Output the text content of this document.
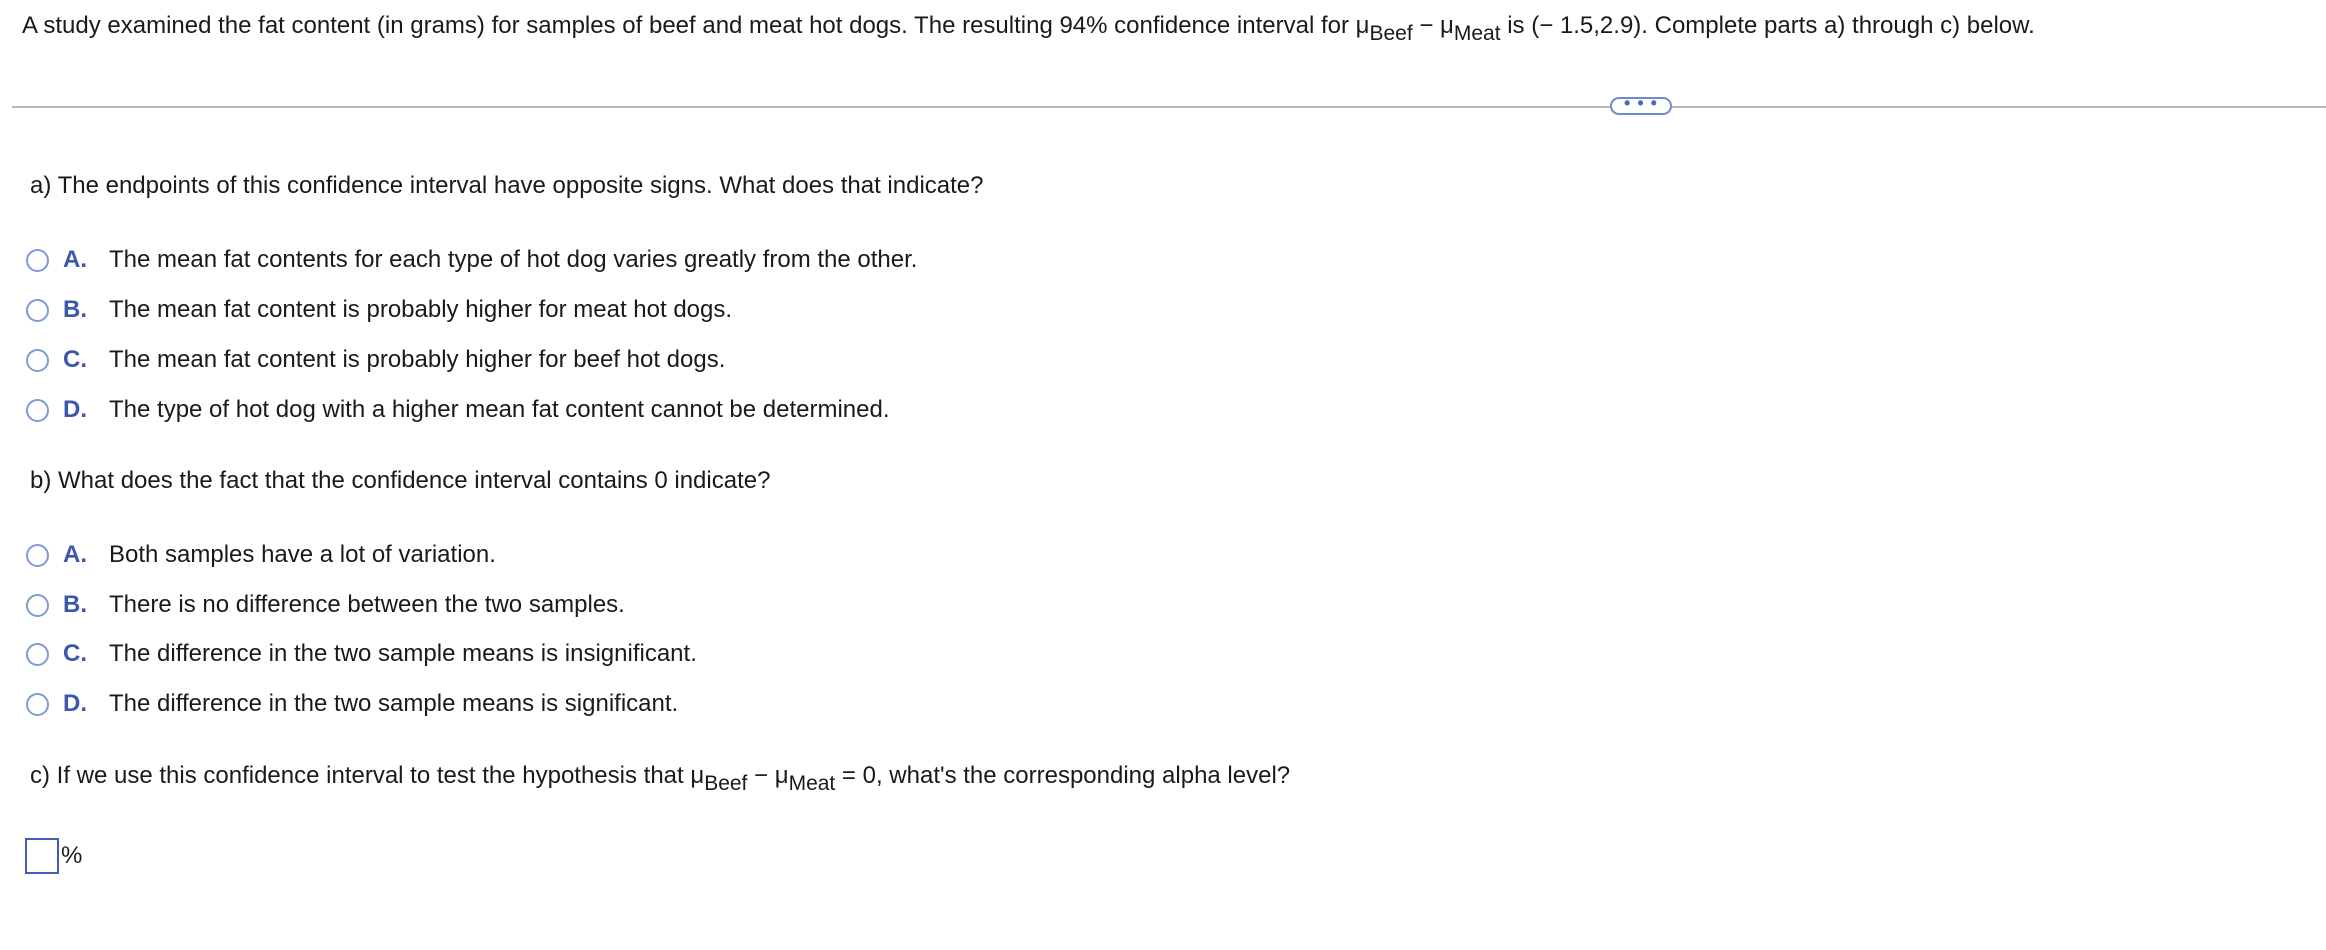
A study examined the fat content (in grams) for samples of beef and meat hot dogs. The resulting 94% confidence interval for μBeef − μMeat is (− 1.5,2.9). Complete parts a) through c) below.
• • •
a) The endpoints of this confidence interval have opposite signs. What does that indicate?
A. The mean fat contents for each type of hot dog varies greatly from the other.
B. The mean fat content is probably higher for meat hot dogs.
C. The mean fat content is probably higher for beef hot dogs.
D. The type of hot dog with a higher mean fat content cannot be determined.
b) What does the fact that the confidence interval contains 0 indicate?
A. Both samples have a lot of variation.
B. There is no difference between the two samples.
C. The difference in the two sample means is insignificant.
D. The difference in the two sample means is significant.
c) If we use this confidence interval to test the hypothesis that μBeef − μMeat = 0, what's the corresponding alpha level?
%
